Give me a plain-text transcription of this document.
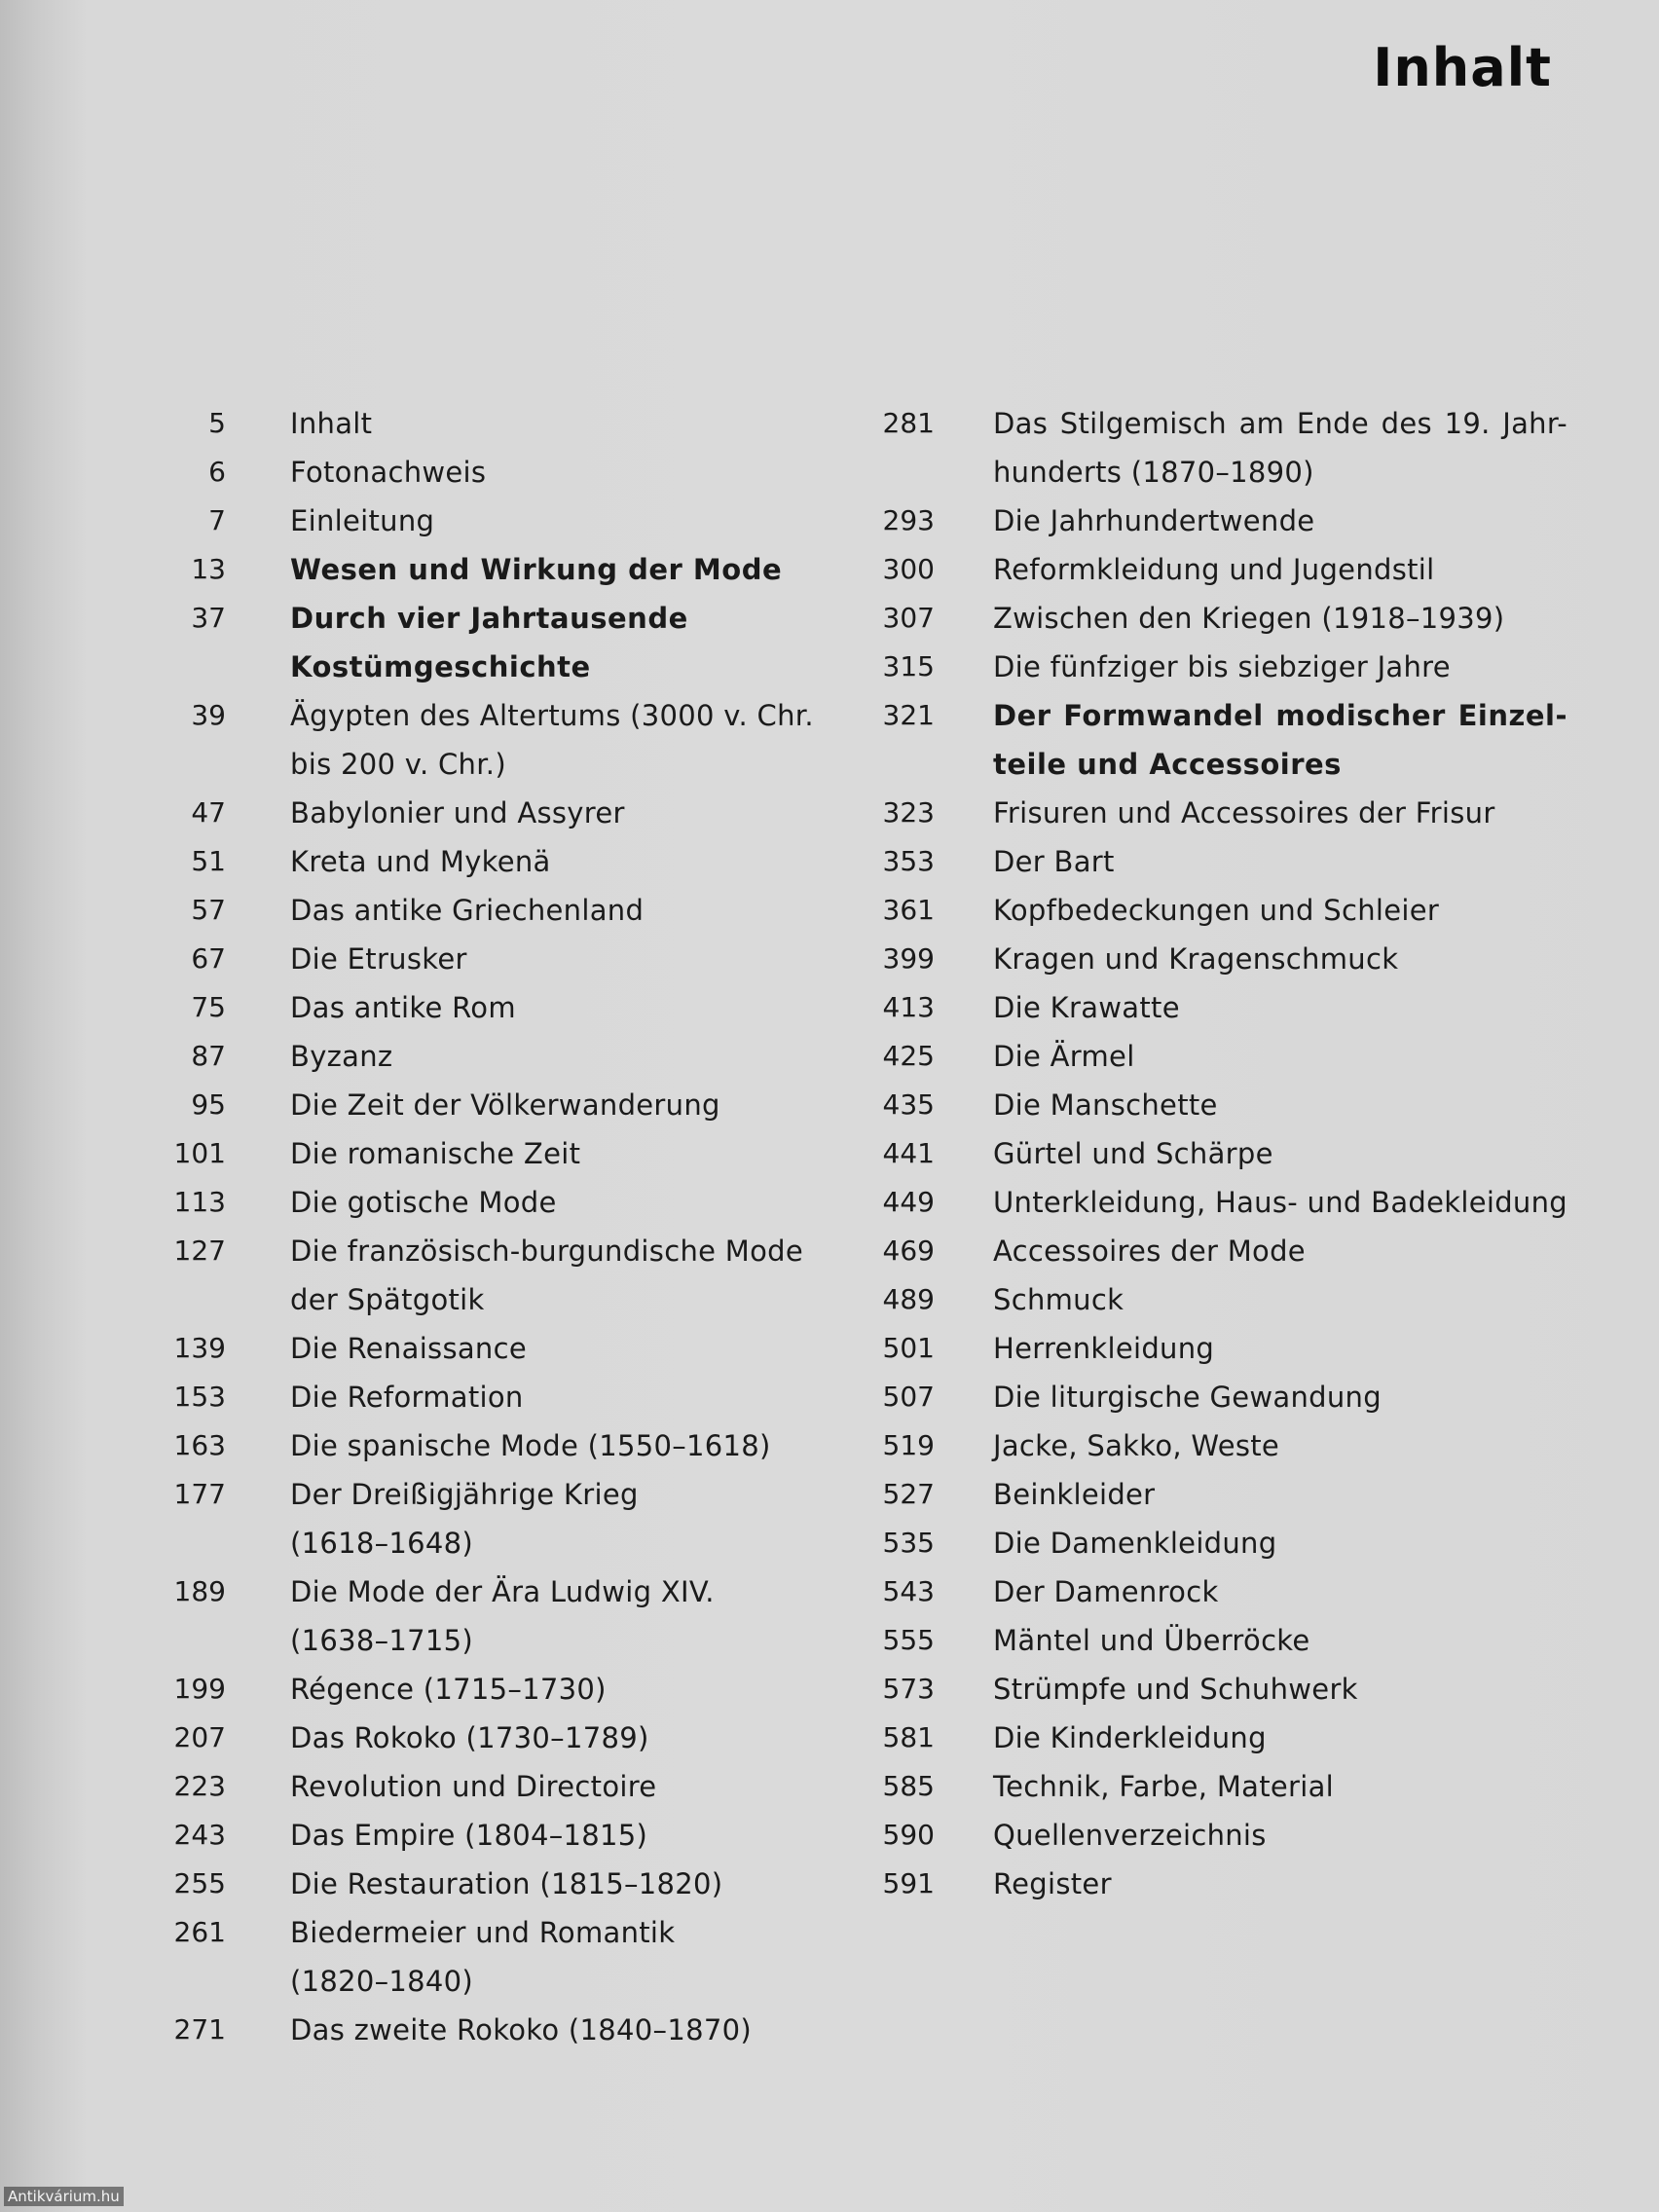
Inhalt
5 Inhalt
6 Fotonachweis
7 Einleitung
13 Wesen und Wirkung der Mode
37 Durch vier Jahrtausende
Kostümgeschichte
39 Ägypten des Altertums (3000 v. Chr.
bis 200 v. Chr.)
47 Babylonier und Assyrer
51 Kreta und Mykenä
57 Das antike Griechenland
67 Die Etrusker
75 Das antike Rom
87 Byzanz
95 Die Zeit der Völkerwanderung
101 Die romanische Zeit
113 Die gotische Mode
127 Die französisch-burgundische Mode
der Spätgotik
139 Die Renaissance
153 Die Reformation
163 Die spanische Mode (1550–1618)
177 Der Dreißigjährige Krieg
(1618–1648)
189 Die Mode der Ära Ludwig XIV.
(1638–1715)
199 Régence (1715–1730)
207 Das Rokoko (1730–1789)
223 Revolution und Directoire
243 Das Empire (1804–1815)
255 Die Restauration (1815–1820)
261 Biedermeier und Romantik
(1820–1840)
271 Das zweite Rokoko (1840–1870)
281 Das Stilgemisch am Ende des 19. Jahr-
hunderts (1870–1890)
293 Die Jahrhundertwende
300 Reformkleidung und Jugendstil
307 Zwischen den Kriegen (1918–1939)
315 Die fünfziger bis siebziger Jahre
321 Der Formwandel modischer Einzel-
teile und Accessoires
323 Frisuren und Accessoires der Frisur
353 Der Bart
361 Kopfbedeckungen und Schleier
399 Kragen und Kragenschmuck
413 Die Krawatte
425 Die Ärmel
435 Die Manschette
441 Gürtel und Schärpe
449 Unterkleidung, Haus- und Badekleidung
469 Accessoires der Mode
489 Schmuck
501 Herrenkleidung
507 Die liturgische Gewandung
519 Jacke, Sakko, Weste
527 Beinkleider
535 Die Damenkleidung
543 Der Damenrock
555 Mäntel und Überröcke
573 Strümpfe und Schuhwerk
581 Die Kinderkleidung
585 Technik, Farbe, Material
590 Quellenverzeichnis
591 Register
Antikvárium.hu
